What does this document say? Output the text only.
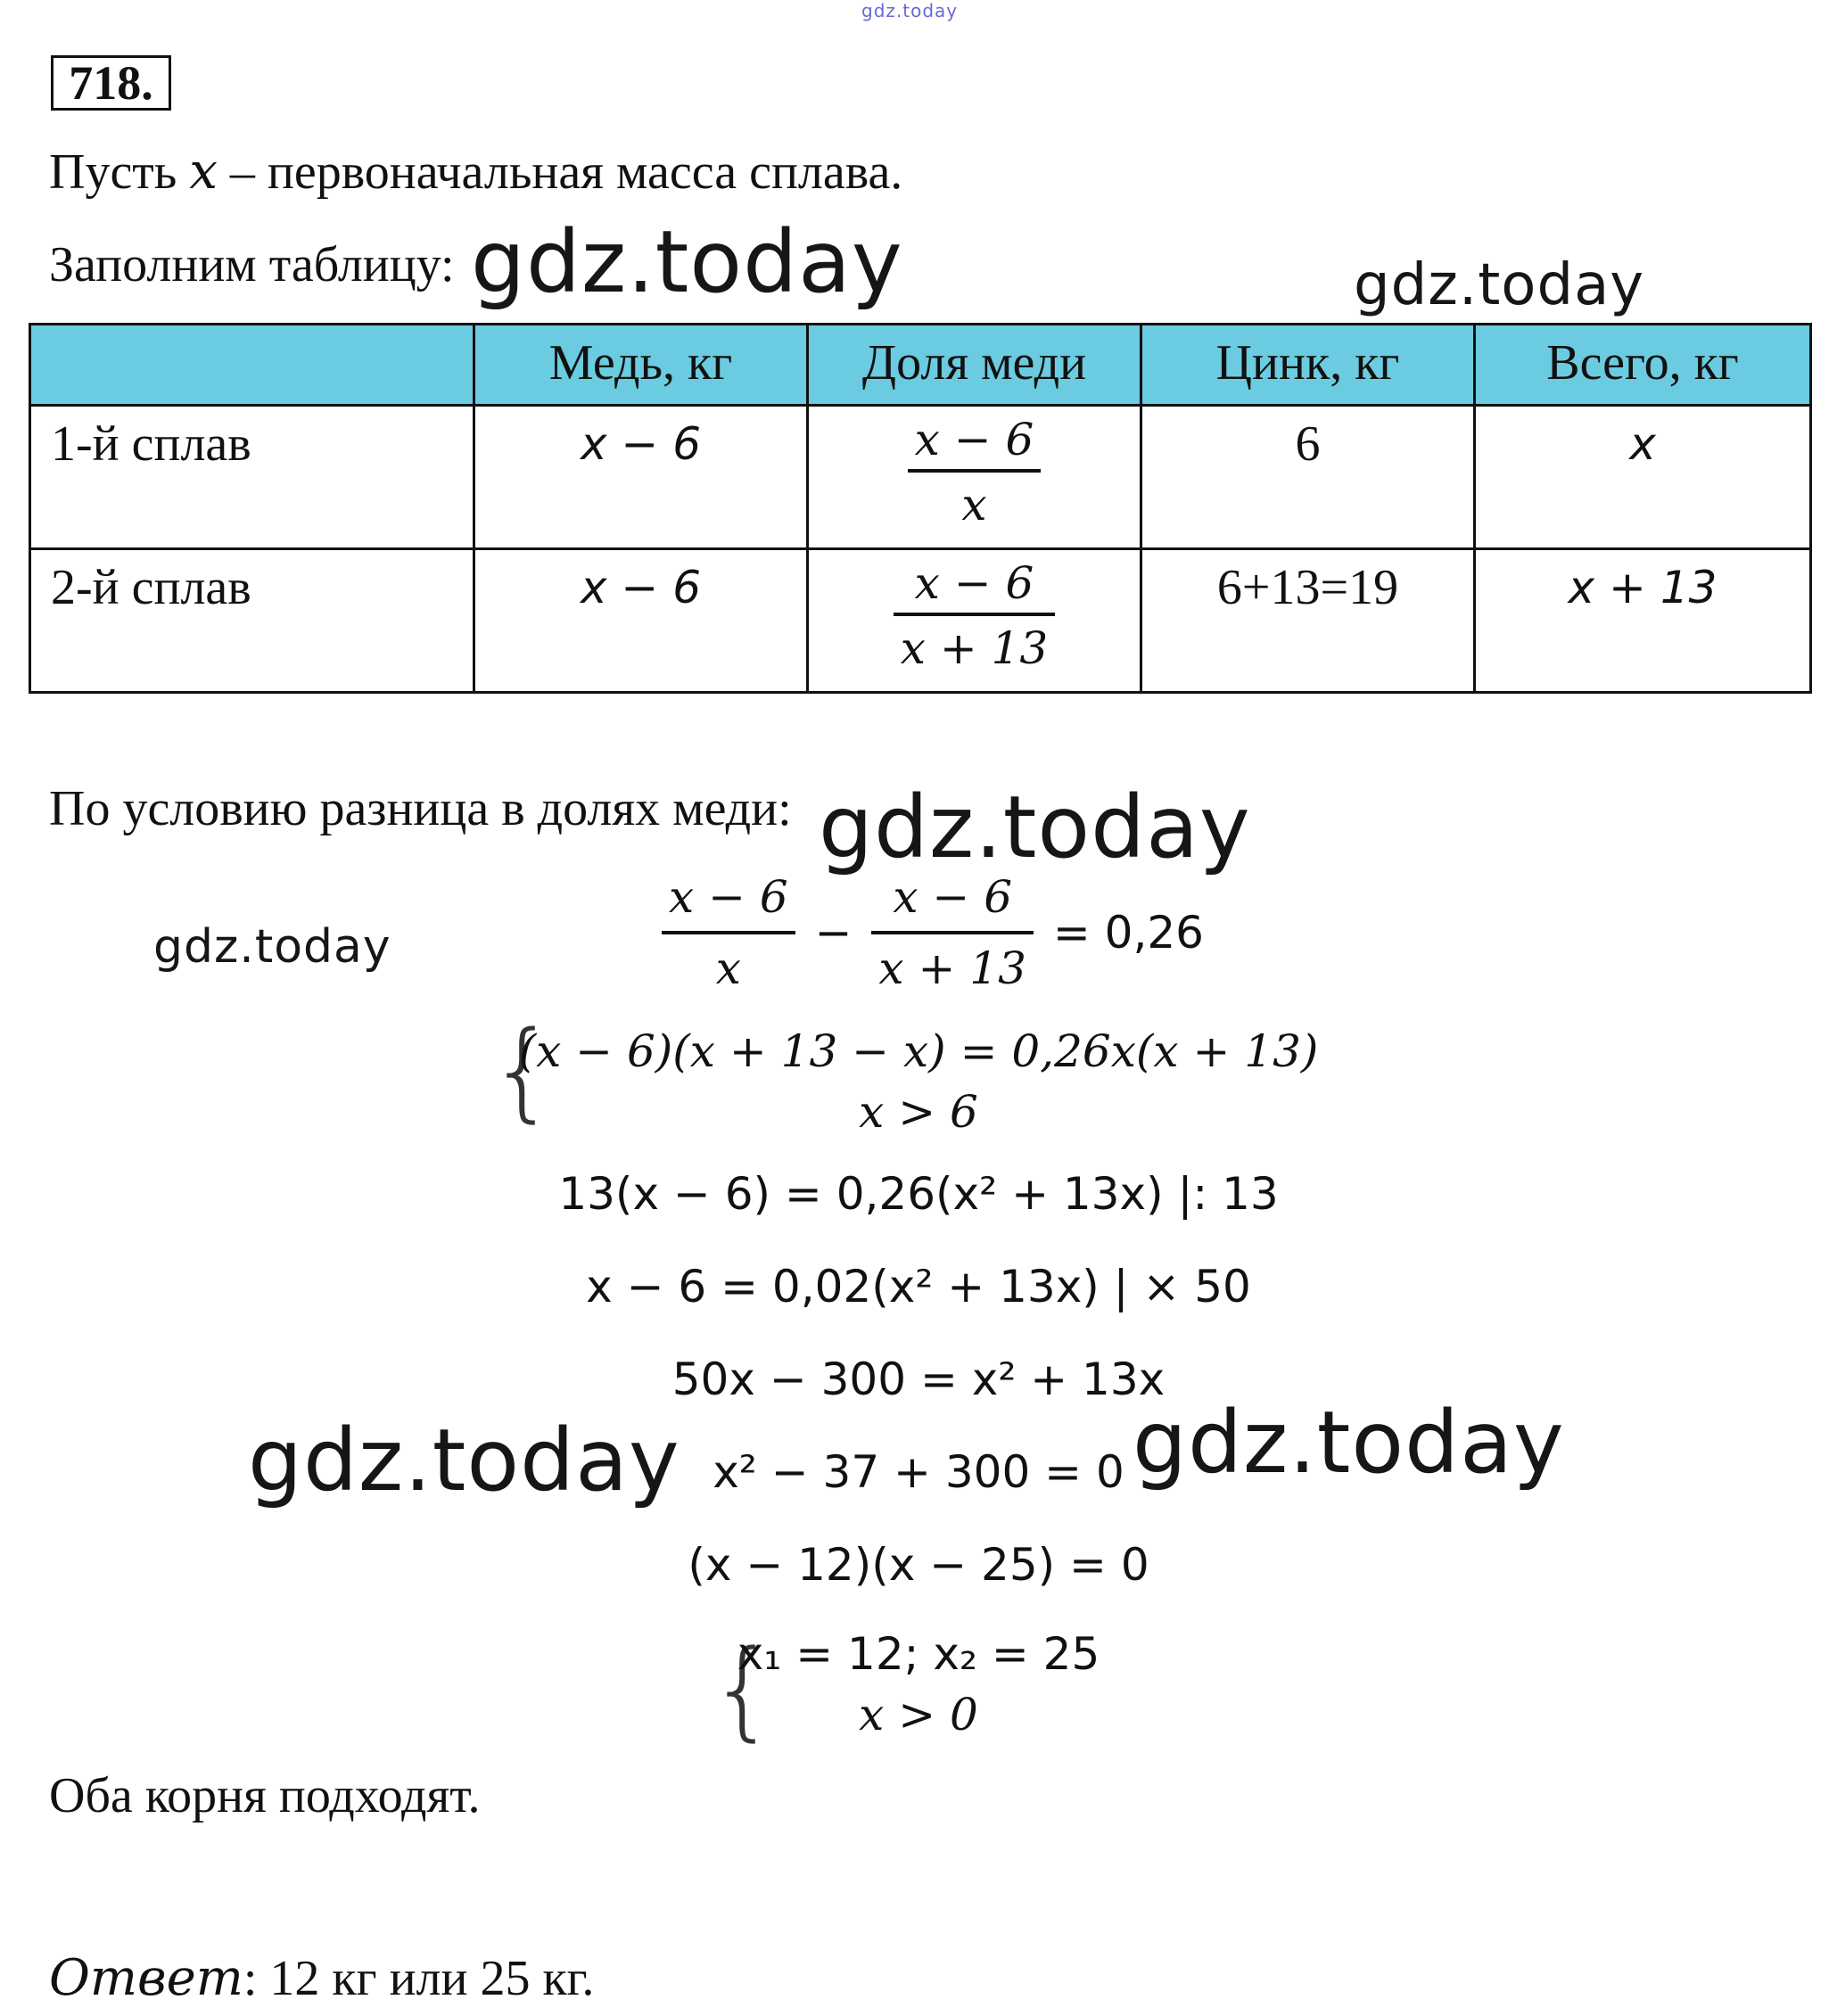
gdz.today
718.
Пусть x – первоначальная масса сплава.
Заполним таблицу: gdz.today	gdz.today
	Медь, кг	Доля меди	Цинк, кг	Всего, кг
1-й сплав	x − 6	$\frac{x - 6}{x}$	6	x
2-й сплав	x − 6	$\frac{x - 6}{x + 13}$	6+13=19	x + 13
По условию разница в долях меди: gdz.today
gdz.today	$\frac{x - 6}{x} - \frac{x - 6}{x + 13} = 0,26$
{
(x − 6)(x + 13 − x) = 0,26x(x + 13)
x > 6
13(x − 6) = 0,26(x² + 13x) |: 13
x − 6 = 0,02(x² + 13x) | × 50
50x − 300 = x² + 13x
gdz.today x² − 37 + 300 = 0 gdz.today
(x − 12)(x − 25) = 0
{
x₁ = 12; x₂ = 25
x > 0
Оба корня подходят.
Ответ: 12 кг или 25 кг.
